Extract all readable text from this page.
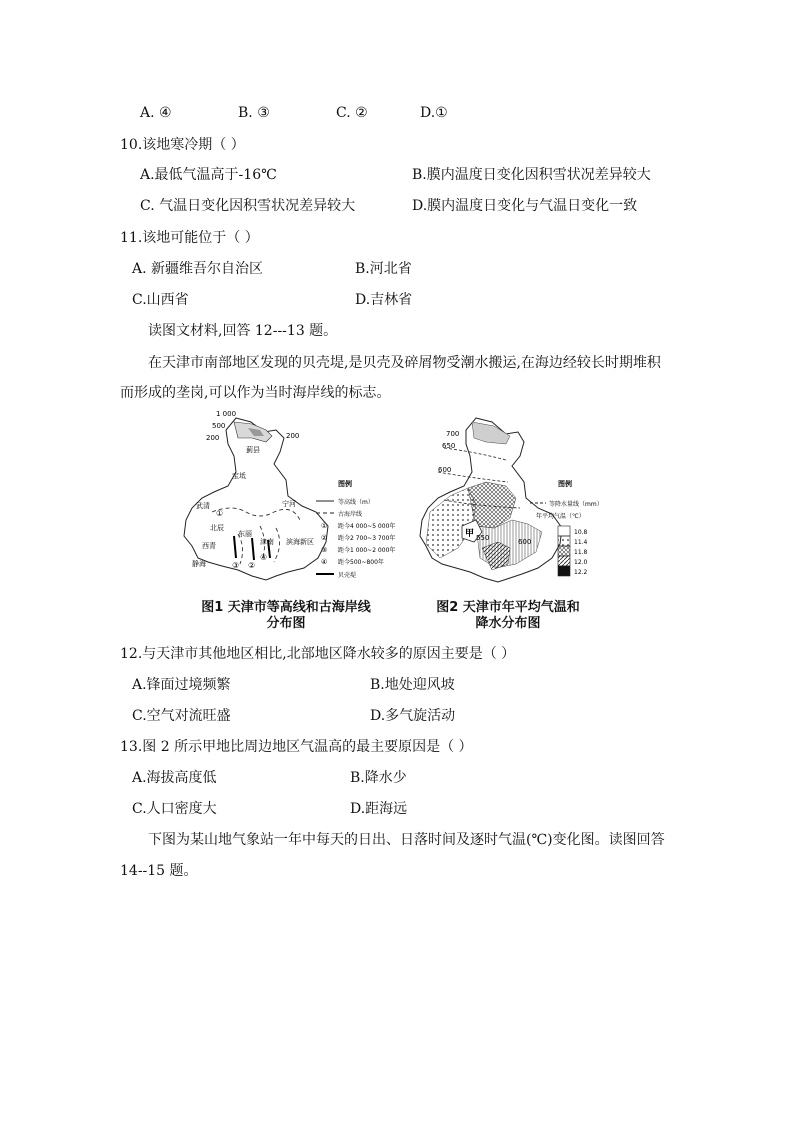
A. ④	B. ③	C. ②	D.①
10.该地寒冷期（ ）
A.最低气温高于-16℃	B.膜内温度日变化因积雪状况差异较大
C. 气温日变化因积雪状况差异较大	D.膜内温度日变化与气温日变化一致
11.该地可能位于（ ）
A. 新疆维吾尔自治区	B.河北省
C.山西省	D.吉林省
读图文材料,回答 12---13 题。
在天津市南部地区发现的贝壳堤,是贝壳及碎屑物受潮水搬运,在海边经较长时期堆积
而形成的垄岗,可以作为当时海岸线的标志。
1 000
500
200	200
蓟县
宝坻
武清	宁河
北辰
东丽
津南 滨海新区
西青
静海
①
②
③
④
图例
等高线（m）
古海岸线
① 距今4 000~5 000年
② 距今2 700~3 700年
③ 距今1 000~2 000年
④ 距今500~800年
贝壳堤
甲
700
650
600
550	600
图例
等降水量线（mm）
年平均气温（℃）
10.8
11.4
11.8
12.0
12.2
图1 天津市等高线和古海岸线
分布图
图2 天津市年平均气温和
降水分布图
12.与天津市其他地区相比,北部地区降水较多的原因主要是（ ）
A.锋面过境频繁	B.地处迎风坡
C.空气对流旺盛	D.多气旋活动
13.图 2 所示甲地比周边地区气温高的最主要原因是（ ）
A.海拔高度低	B.降水少
C.人口密度大	D.距海远
下图为某山地气象站一年中每天的日出、日落时间及逐时气温(℃)变化图。读图回答
14--15 题。
